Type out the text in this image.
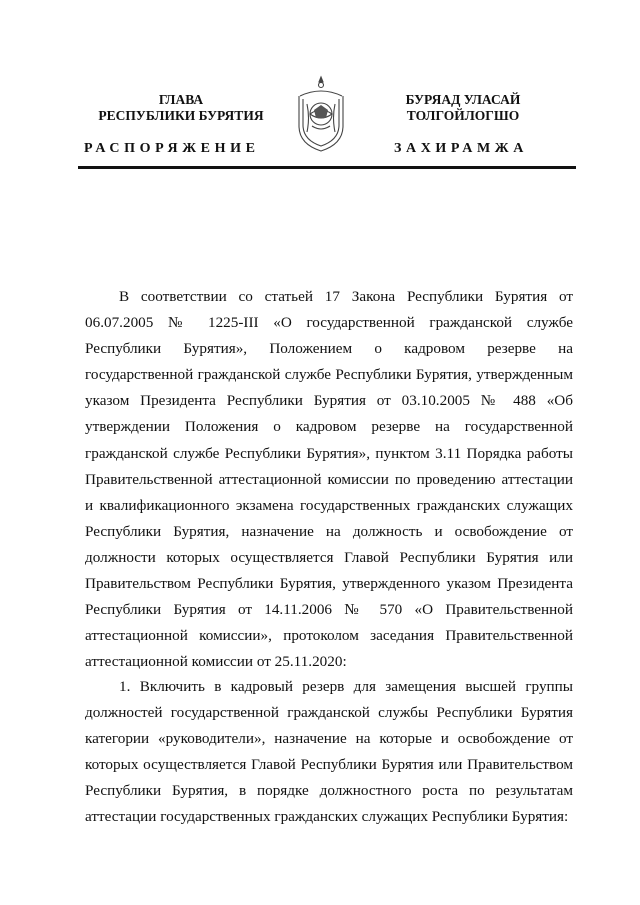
ГЛАВА
РЕСПУБЛИКИ БУРЯТИЯ
БУРЯАД УЛАСАЙ
ТОЛГОЙЛОГШО
РАСПОРЯЖЕНИЕ	ЗАХИРАМЖА

В соответствии со статьей 17 Закона Республики Бурятия от 06.07.2005 № 1225-III «О государственной гражданской службе Республики Бурятия», Положением о кадровом резерве на государственной гражданской службе Республики Бурятия, утвержденным указом Президента Республики Бурятия от 03.10.2005 № 488 «Об утверждении Положения о кадровом резерве на государственной гражданской службе Республики Бурятия», пунктом 3.11 Порядка работы Правительственной аттестационной комиссии по проведению аттестации и квалификационного экзамена государственных гражданских служащих Республики Бурятия, назначение на должность и освобождение от должности которых осуществляется Главой Республики Бурятия или Правительством Республики Бурятия, утвержденного указом Президента Республики Бурятия от 14.11.2006 № 570 «О Правительственной аттестационной комиссии», протоколом заседания Правительственной аттестационной комиссии от 25.11.2020:

1. Включить в кадровый резерв для замещения высшей группы должностей государственной гражданской службы Республики Бурятия категории «руководители», назначение на которые и освобождение от которых осуществляется Главой Республики Бурятия или Правительством Республики Бурятия, в порядке должностного роста по результатам аттестации государственных гражданских служащих Республики Бурятия:
